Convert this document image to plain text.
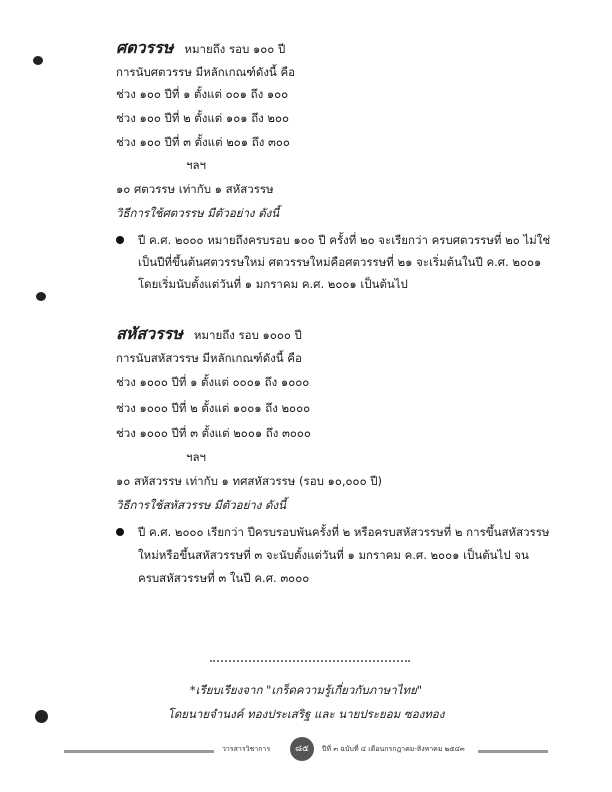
ศตวรรษ หมายถึง รอบ ๑๐๐ ปี
การนับศตวรรษ มีหลักเกณฑ์ดังนี้ คือ
ช่วง ๑๐๐ ปีที่ ๑ ตั้งแต่ ๐๐๑ ถึง ๑๐๐
ช่วง ๑๐๐ ปีที่ ๒ ตั้งแต่ ๑๐๑ ถึง ๒๐๐
ช่วง ๑๐๐ ปีที่ ๓ ตั้งแต่ ๒๐๑ ถึง ๓๐๐
ฯลฯ
๑๐ ศตวรรษ เท่ากับ ๑ สหัสวรรษ
วิธีการใช้ศตวรรษ มีตัวอย่าง ดังนี้
ปี ค.ศ. ๒๐๐๐ หมายถึงครบรอบ ๑๐๐ ปี ครั้งที่ ๒๐ จะเรียกว่า ครบศตวรรษที่ ๒๐ ไม่ใช่
เป็นปีที่ขึ้นต้นศตวรรษใหม่ ศตวรรษใหม่คือศตวรรษที่ ๒๑ จะเริ่มต้นในปี ค.ศ. ๒๐๐๑
โดยเริ่มนับตั้งแต่วันที่ ๑ มกราคม ค.ศ. ๒๐๐๑ เป็นต้นไป
สหัสวรรษ หมายถึง รอบ ๑๐๐๐ ปี
การนับสหัสวรรษ มีหลักเกณฑ์ดังนี้ คือ
ช่วง ๑๐๐๐ ปีที่ ๑ ตั้งแต่ ๐๐๐๑ ถึง ๑๐๐๐
ช่วง ๑๐๐๐ ปีที่ ๒ ตั้งแต่ ๑๐๐๑ ถึง ๒๐๐๐
ช่วง ๑๐๐๐ ปีที่ ๓ ตั้งแต่ ๒๐๐๑ ถึง ๓๐๐๐
ฯลฯ
๑๐ สหัสวรรษ เท่ากับ ๑ ทศสหัสวรรษ (รอบ ๑๐,๐๐๐ ปี)
วิธีการใช้สหัสวรรษ มีตัวอย่าง ดังนี้
ปี ค.ศ. ๒๐๐๐ เรียกว่า ปีครบรอบพันครั้งที่ ๒ หรือครบสหัสวรรษที่ ๒ การขึ้นสหัสวรรษ
ใหม่หรือขึ้นสหัสวรรษที่ ๓ จะนับตั้งแต่วันที่ ๑ มกราคม ค.ศ. ๒๐๐๑ เป็นต้นไป จน
ครบสหัสวรรษที่ ๓ ในปี ค.ศ. ๓๐๐๐
*เรียบเรียงจาก "เกร็ดความรู้เกี่ยวกับภาษาไทย"
โดยนายจำนงค์ ทองประเสริฐ และ นายประยอม ซองทอง
วารสารวิชาการ	๘๕	ปีที่ ๓ ฉบับที่ ๔ เดือนกรกฎาคม-สิงหาคม ๒๕๔๓
